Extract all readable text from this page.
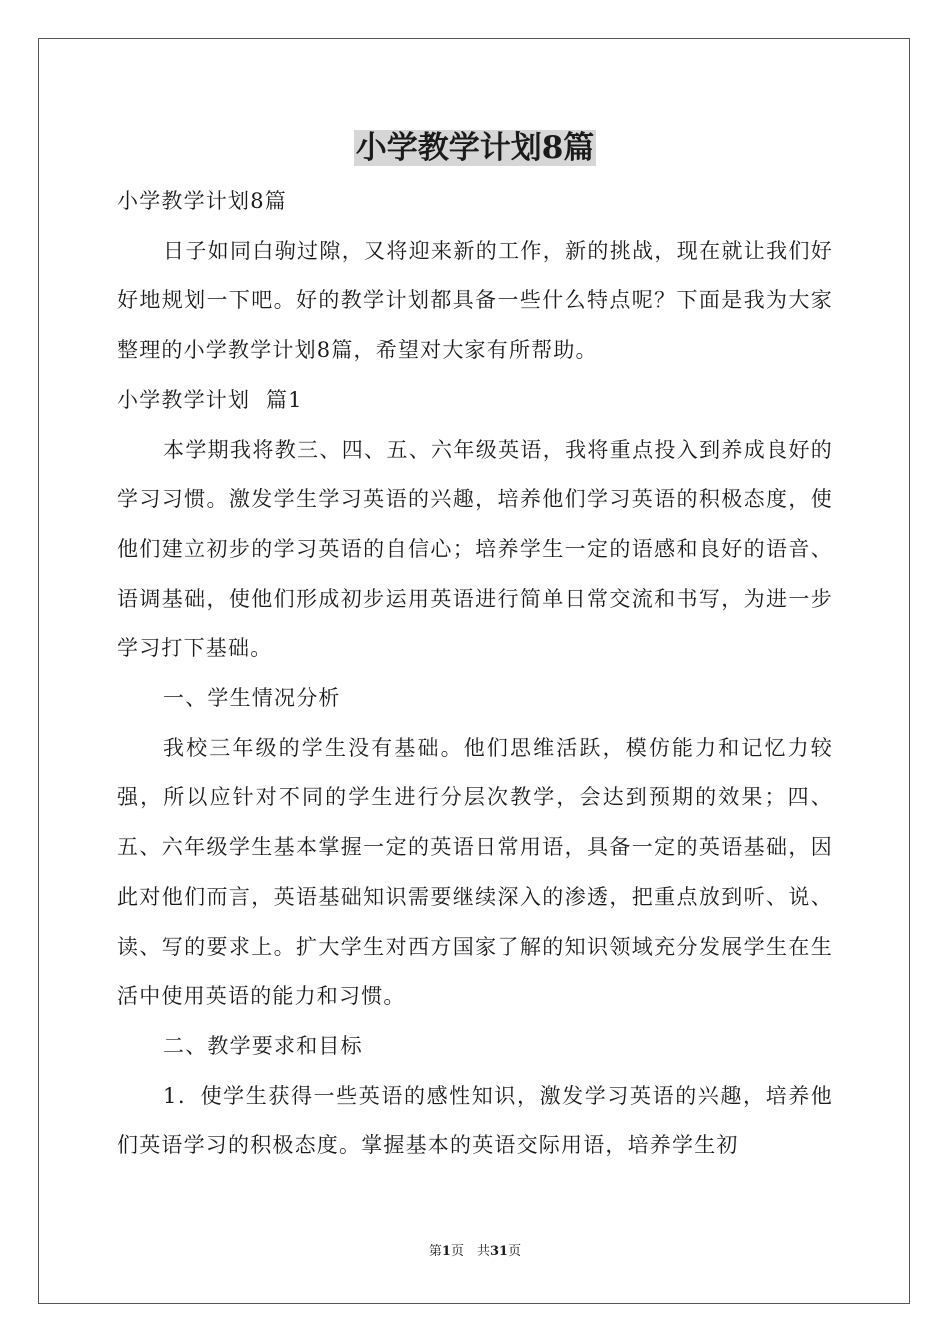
小学教学计划8篇

小学教学计划8篇

日子如同白驹过隙，又将迎来新的工作，新的挑战，现在就让我们好好地规划一下吧。好的教学计划都具备一些什么特点呢？下面是我为大家整理的小学教学计划8篇，希望对大家有所帮助。

小学教学计划  篇1

本学期我将教三、四、五、六年级英语，我将重点投入到养成良好的学习习惯。激发学生学习英语的兴趣，培养他们学习英语的积极态度，使他们建立初步的学习英语的自信心；培养学生一定的语感和良好的语音、语调基础，使他们形成初步运用英语进行简单日常交流和书写，为进一步学习打下基础。

一、学生情况分析

我校三年级的学生没有基础。他们思维活跃，模仿能力和记忆力较强，所以应针对不同的学生进行分层次教学，会达到预期的效果；四、五、六年级学生基本掌握一定的英语日常用语，具备一定的英语基础，因此对他们而言，英语基础知识需要继续深入的渗透，把重点放到听、说、读、写的要求上。扩大学生对西方国家了解的知识领域充分发展学生在生活中使用英语的能力和习惯。

二、教学要求和目标

1．使学生获得一些英语的感性知识，激发学习英语的兴趣，培养他们英语学习的积极态度。掌握基本的英语交际用语，培养学生初

第1页　共31页
